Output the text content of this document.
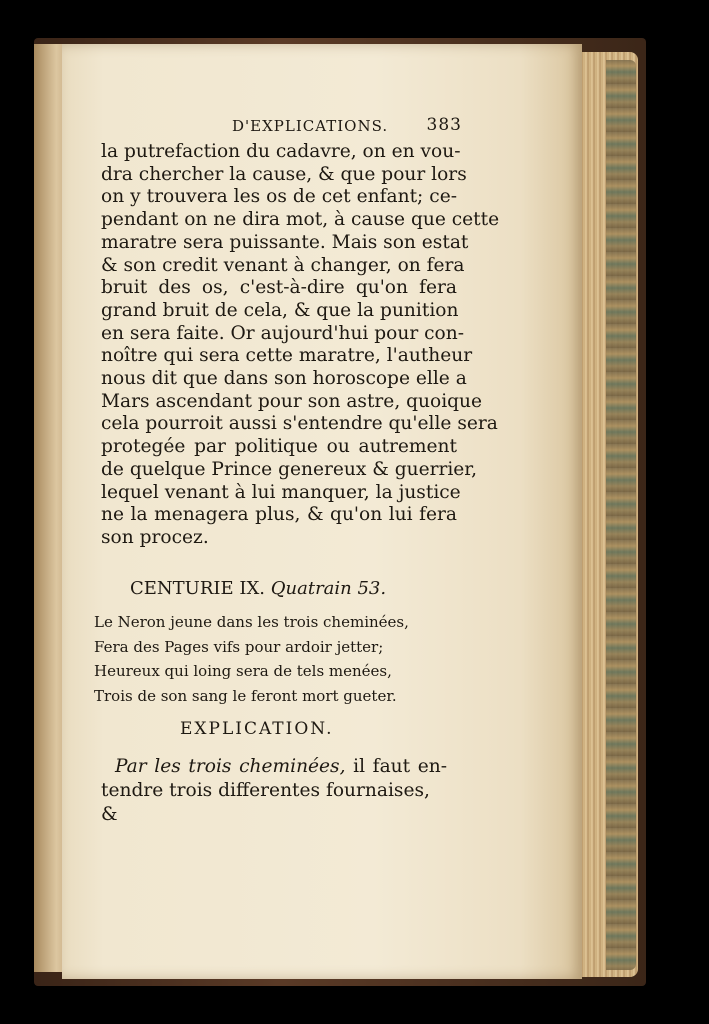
D'EXPLICATIONS. 383
la putrefaction du cadavre, on en vou-
dra chercher la cause, & que pour lors
on y trouvera les os de cet enfant; ce-
pendant on ne dira mot, à cause que cette
maratre sera puissante. Mais son estat
& son credit venant à changer, on fera
bruit des os, c'est-à-dire qu'on fera
grand bruit de cela, & que la punition
en sera faite. Or aujourd'hui pour con-
noître qui sera cette maratre, l'autheur
nous dit que dans son horoscope elle a
Mars ascendant pour son astre, quoique
cela pourroit aussi s'entendre qu'elle sera
protegée par politique ou autrement
de quelque Prince genereux & guerrier,
lequel venant à lui manquer, la justice
ne la menagera plus, & qu'on lui fera
son procez.
CENTURIE IX. Quatrain 53.
Le Neron jeune dans les trois cheminées,
Fera des Pages vifs pour ardoir jetter;
Heureux qui loing sera de tels menées,
Trois de son sang le feront mort gueter.
EXPLICATION.
Par les trois cheminées, il faut en-
tendre trois differentes fournaises, &
